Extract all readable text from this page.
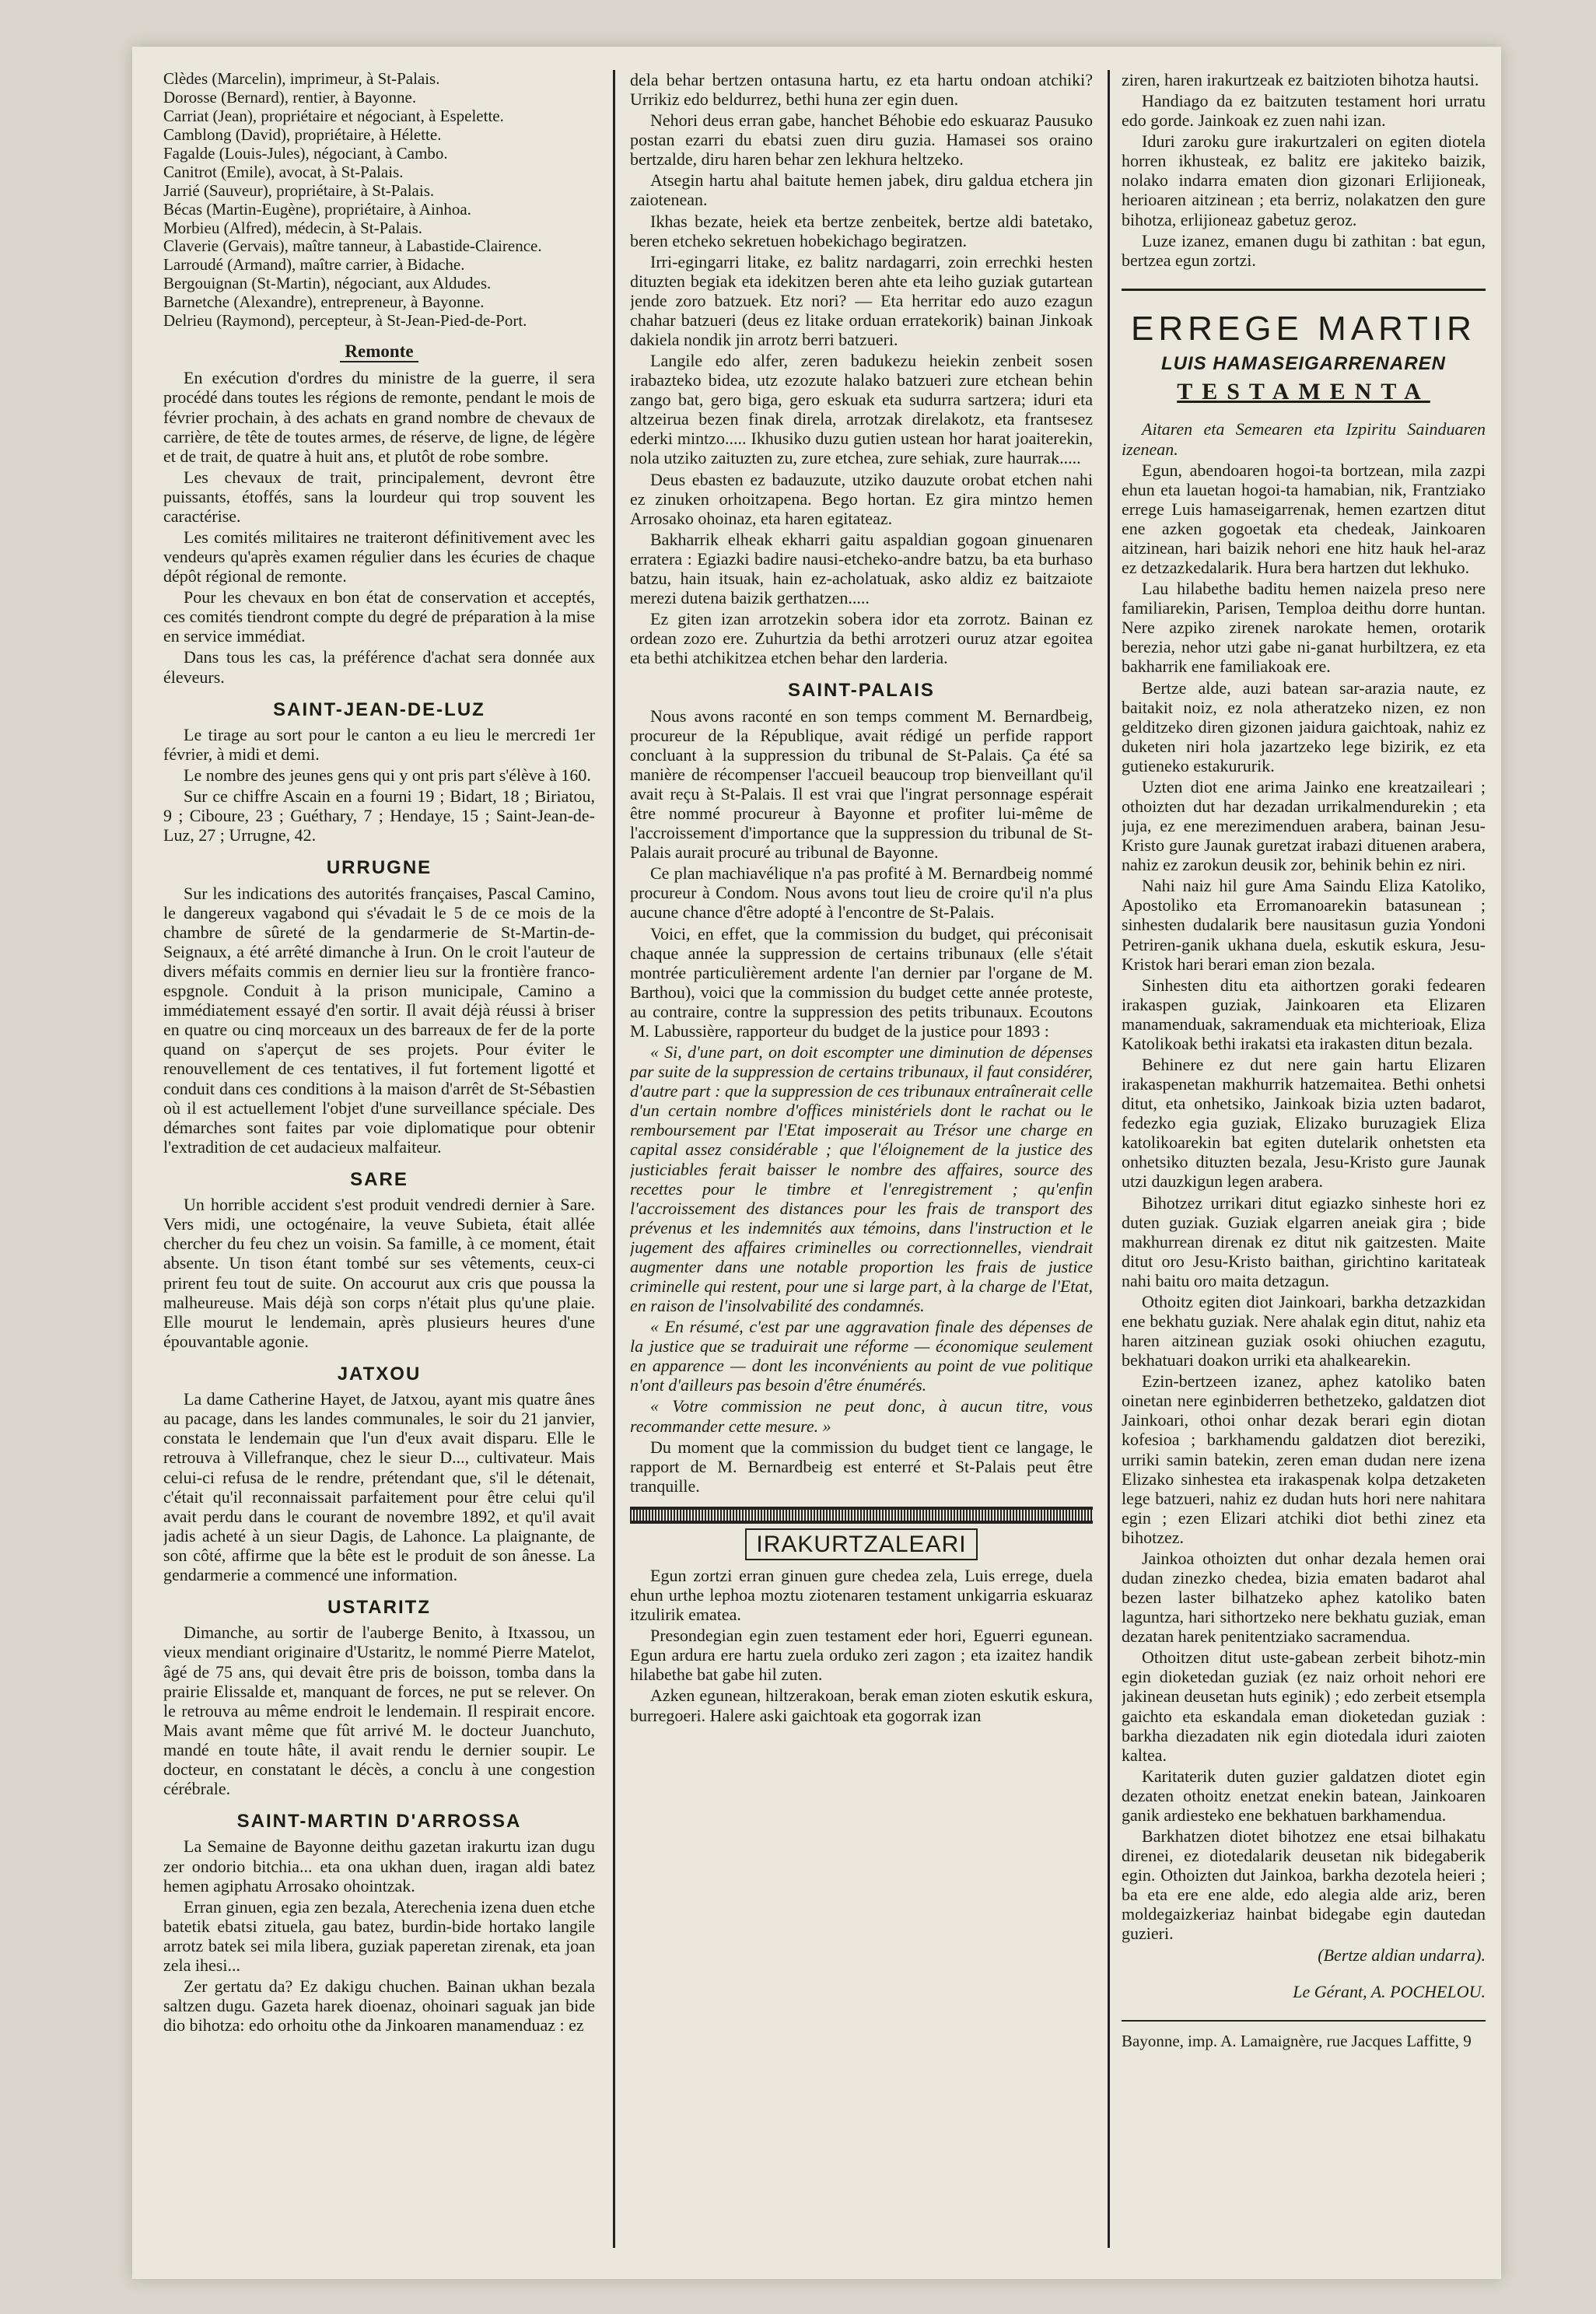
Clèdes (Marcelin), imprimeur, à St-Palais.

Dorosse (Bernard), rentier, à Bayonne.

Carriat (Jean), propriétaire et négociant, à Espelette.

Camblong (David), propriétaire, à Hélette.

Fagalde (Louis-Jules), négociant, à Cambo.

Canitrot (Emile), avocat, à St-Palais.

Jarrié (Sauveur), propriétaire, à St-Palais.

Bécas (Martin-Eugène), propriétaire, à Ainhoa.

Morbieu (Alfred), médecin, à St-Palais.

Claverie (Gervais), maître tanneur, à Labastide-Clairence.

Larroudé (Armand), maître carrier, à Bidache.

Bergouignan (St-Martin), négociant, aux Aldudes.

Barnetche (Alexandre), entrepreneur, à Bayonne.

Delrieu (Raymond), percepteur, à St-Jean-Pied-de-Port.

Remonte

En exécution d'ordres du ministre de la guerre, il sera procédé dans toutes les régions de remonte, pendant le mois de février prochain, à des achats en grand nombre de chevaux de carrière, de tête de toutes armes, de réserve, de ligne, de légère et de trait, de quatre à huit ans, et plutôt de robe sombre.

Les chevaux de trait, principalement, devront être puissants, étoffés, sans la lourdeur qui trop souvent les caractérise.

Les comités militaires ne traiteront définitivement avec les vendeurs qu'après examen régulier dans les écuries de chaque dépôt régional de remonte.

Pour les chevaux en bon état de conservation et acceptés, ces comités tiendront compte du degré de préparation à la mise en service immédiat.

Dans tous les cas, la préférence d'achat sera donnée aux éleveurs.

SAINT-JEAN-DE-LUZ

Le tirage au sort pour le canton a eu lieu le mercredi 1er février, à midi et demi.

Le nombre des jeunes gens qui y ont pris part s'élève à 160.

Sur ce chiffre Ascain en a fourni 19 ; Bidart, 18 ; Biriatou, 9 ; Ciboure, 23 ; Guéthary, 7 ; Hendaye, 15 ; Saint-Jean-de-Luz, 27 ; Urrugne, 42.

URRUGNE

Sur les indications des autorités françaises, Pascal Camino, le dangereux vagabond qui s'évadait le 5 de ce mois de la chambre de sûreté de la gendarmerie de St-Martin-de-Seignaux, a été arrêté dimanche à Irun. On le croit l'auteur de divers méfaits commis en dernier lieu sur la frontière franco-espgnole. Conduit à la prison municipale, Camino a immédiatement essayé d'en sortir. Il avait déjà réussi à briser en quatre ou cinq morceaux un des barreaux de fer de la porte quand on s'aperçut de ses projets. Pour éviter le renouvellement de ces tentatives, il fut fortement ligotté et conduit dans ces conditions à la maison d'arrêt de St-Sébastien où il est actuellement l'objet d'une surveillance spéciale. Des démarches sont faites par voie diplomatique pour obtenir l'extradition de cet audacieux malfaiteur.

SARE

Un horrible accident s'est produit vendredi dernier à Sare. Vers midi, une octogénaire, la veuve Subieta, était allée chercher du feu chez un voisin. Sa famille, à ce moment, était absente. Un tison étant tombé sur ses vêtements, ceux-ci prirent feu tout de suite. On accourut aux cris que poussa la malheureuse. Mais déjà son corps n'était plus qu'une plaie. Elle mourut le lendemain, après plusieurs heures d'une épouvantable agonie.

JATXOU

La dame Catherine Hayet, de Jatxou, ayant mis quatre ânes au pacage, dans les landes communales, le soir du 21 janvier, constata le lendemain que l'un d'eux avait disparu. Elle le retrouva à Villefranque, chez le sieur D..., cultivateur. Mais celui-ci refusa de le rendre, prétendant que, s'il le détenait, c'était qu'il reconnaissait parfaitement pour être celui qu'il avait perdu dans le courant de novembre 1892, et qu'il avait jadis acheté à un sieur Dagis, de Lahonce. La plaignante, de son côté, affirme que la bête est le produit de son ânesse. La gendarmerie a commencé une information.

USTARITZ

Dimanche, au sortir de l'auberge Benito, à Itxassou, un vieux mendiant originaire d'Ustaritz, le nommé Pierre Matelot, âgé de 75 ans, qui devait être pris de boisson, tomba dans la prairie Elissalde et, manquant de forces, ne put se relever. On le retrouva au même endroit le lendemain. Il respirait encore. Mais avant même que fût arrivé M. le docteur Juanchuto, mandé en toute hâte, il avait rendu le dernier soupir. Le docteur, en constatant le décès, a conclu à une congestion cérébrale.

SAINT-MARTIN D'ARROSSA

La Semaine de Bayonne deithu gazetan irakurtu izan dugu zer ondorio bitchia... eta ona ukhan duen, iragan aldi batez hemen agiphatu Arrosako ohointzak.

Erran ginuen, egia zen bezala, Aterechenia izena duen etche batetik ebatsi zituela, gau batez, burdin-bide hortako langile arrotz batek sei mila libera, guziak paperetan zirenak, eta joan zela ihesi...

Zer gertatu da? Ez dakigu chuchen. Bainan ukhan bezala saltzen dugu. Gazeta harek dioenaz, ohoinari saguak jan bide dio bihotza: edo orhoitu othe da Jinkoaren manamenduaz : ez

dela behar bertzen ontasuna hartu, ez eta hartu ondoan atchiki? Urrikiz edo beldurrez, bethi huna zer egin duen.

Nehori deus erran gabe, hanchet Béhobie edo eskuaraz Pausuko postan ezarri du ebatsi zuen diru guzia. Hamasei sos oraino bertzalde, diru haren behar zen lekhura heltzeko.

Atsegin hartu ahal baitute hemen jabek, diru galdua etchera jin zaiotenean.

Ikhas bezate, heiek eta bertze zenbeitek, bertze aldi batetako, beren etcheko sekretuen hobekichago begiratzen.

Irri-egingarri litake, ez balitz nardagarri, zoin errechki hesten dituzten begiak eta idekitzen beren ahte eta leiho guziak gutartean jende zoro batzuek. Etz nori? — Eta herritar edo auzo ezagun chahar batzueri (deus ez litake orduan erratekorik) bainan Jinkoak dakiela nondik jin arrotz berri batzueri.

Langile edo alfer, zeren badukezu heiekin zenbeit sosen irabazteko bidea, utz ezozute halako batzueri zure etchean behin zango bat, gero biga, gero eskuak eta sudurra sartzera; iduri eta altzeirua bezen finak direla, arrotzak direlakotz, eta frantsesez ederki mintzo..... Ikhusiko duzu gutien ustean hor harat joaiterekin, nola utziko zaituzten zu, zure etchea, zure sehiak, zure haurrak.....

Deus ebasten ez badauzute, utziko dauzute orobat etchen nahi ez zinuken orhoitzapena. Bego hortan. Ez gira mintzo hemen Arrosako ohoinaz, eta haren egitateaz.

Bakharrik elheak ekharri gaitu aspaldian gogoan ginuenaren erratera : Egiazki badire nausi-etcheko-andre batzu, ba eta burhaso batzu, hain itsuak, hain ez-acholatuak, asko aldiz ez baitzaiote merezi dutena baizik gerthatzen.....

Ez giten izan arrotzekin sobera idor eta zorrotz. Bainan ez ordean zozo ere. Zuhurtzia da bethi arrotzeri ouruz atzar egoitea eta bethi atchikitzea etchen behar den larderia.

SAINT-PALAIS

Nous avons raconté en son temps comment M. Bernardbeig, procureur de la République, avait rédigé un perfide rapport concluant à la suppression du tribunal de St-Palais. Ça été sa manière de récompenser l'accueil beaucoup trop bienveillant qu'il avait reçu à St-Palais. Il est vrai que l'ingrat personnage espérait être nommé procureur à Bayonne et profiter lui-même de l'accroissement d'importance que la suppression du tribunal de St-Palais aurait procuré au tribunal de Bayonne.

Ce plan machiavélique n'a pas profité à M. Bernardbeig nommé procureur à Condom. Nous avons tout lieu de croire qu'il n'a plus aucune chance d'être adopté à l'encontre de St-Palais.

Voici, en effet, que la commission du budget, qui préconisait chaque année la suppression de certains tribunaux (elle s'était montrée particulièrement ardente l'an dernier par l'organe de M. Barthou), voici que la commission du budget cette année proteste, au contraire, contre la suppression des petits tribunaux. Ecoutons M. Labussière, rapporteur du budget de la justice pour 1893 :

« Si, d'une part, on doit escompter une diminution de dépenses par suite de la suppression de certains tribunaux, il faut considérer, d'autre part : que la suppression de ces tribunaux entraînerait celle d'un certain nombre d'offices ministériels dont le rachat ou le remboursement par l'Etat imposerait au Trésor une charge en capital assez considérable ; que l'éloignement de la justice des justiciables ferait baisser le nombre des affaires, source des recettes pour le timbre et l'enregistrement ; qu'enfin l'accroissement des distances pour les frais de transport des prévenus et les indemnités aux témoins, dans l'instruction et le jugement des affaires criminelles ou correctionnelles, viendrait augmenter dans une notable proportion les frais de justice criminelle qui restent, pour une si large part, à la charge de l'Etat, en raison de l'insolvabilité des condamnés.

« En résumé, c'est par une aggravation finale des dépenses de la justice que se traduirait une réforme — économique seulement en apparence — dont les inconvénients au point de vue politique n'ont d'ailleurs pas besoin d'être énumérés.

« Votre commission ne peut donc, à aucun titre, vous recommander cette mesure. »

Du moment que la commission du budget tient ce langage, le rapport de M. Bernardbeig est enterré et St-Palais peut être tranquille.

IRAKURTZALEARI

Egun zortzi erran ginuen gure chedea zela, Luis errege, duela ehun urthe lephoa moztu ziotenaren testament unkigarria eskuaraz itzulirik ematea.

Presondegian egin zuen testament eder hori, Eguerri egunean. Egun ardura ere hartu zuela orduko zeri zagon ; eta izaitez handik hilabethe bat gabe hil zuten.

Azken egunean, hiltzerakoan, berak eman zioten eskutik eskura, burregoeri. Halere aski gaichtoak eta gogorrak izan

ziren, haren irakurtzeak ez baitzioten bihotza hautsi.

Handiago da ez baitzuten testament hori urratu edo gorde. Jainkoak ez zuen nahi izan.

Iduri zaroku gure irakurtzaleri on egiten diotela horren ikhusteak, ez balitz ere jakiteko baizik, nolako indarra ematen dion gizonari Erlijioneak, herioaren aitzinean ; eta berriz, nolakatzen den gure bihotza, erlijioneaz gabetuz geroz.

Luze izanez, emanen dugu bi zathitan : bat egun, bertzea egun zortzi.

ERREGE MARTIR
LUIS HAMASEIGARRENAREN
TESTAMENTA

Aitaren eta Semearen eta Izpiritu Sainduaren izenean.

Egun, abendoaren hogoi-ta bortzean, mila zazpi ehun eta lauetan hogoi-ta hamabian, nik, Frantziako errege Luis hamaseigarrenak, hemen ezartzen ditut ene azken gogoetak eta chedeak, Jainkoaren aitzinean, hari baizik nehori ene hitz hauk hel-araz ez detzazkedalarik. Hura bera hartzen dut lekhuko.

Lau hilabethe baditu hemen naizela preso nere familiarekin, Parisen, Temploa deithu dorre huntan. Nere azpiko zirenek narokate hemen, orotarik berezia, nehor utzi gabe ni-ganat hurbiltzera, ez eta bakharrik ene familiakoak ere.

Bertze alde, auzi batean sar-arazia naute, ez baitakit noiz, ez nola atheratzeko nizen, ez non gelditzeko diren gizonen jaidura gaichtoak, nahiz ez duketen niri hola jazartzeko lege bizirik, ez eta gutieneko estakururik.

Uzten diot ene arima Jainko ene kreatzaileari ; othoizten dut har dezadan urrikalmendurekin ; eta juja, ez ene merezimenduen arabera, bainan Jesu-Kristo gure Jaunak guretzat irabazi dituenen arabera, nahiz ez zarokun deusik zor, behinik behin ez niri.

Nahi naiz hil gure Ama Saindu Eliza Katoliko, Apostoliko eta Erromanoarekin batasunean ; sinhesten dudalarik bere nausitasun guzia Yondoni Petriren-ganik ukhana duela, eskutik eskura, Jesu-Kristok hari berari eman zion bezala.

Sinhesten ditu eta aithortzen goraki fedearen irakaspen guziak, Jainkoaren eta Elizaren manamenduak, sakramenduak eta michterioak, Eliza Katolikoak bethi irakatsi eta irakasten ditun bezala.

Behinere ez dut nere gain hartu Elizaren irakaspenetan makhurrik hatzemaitea. Bethi onhetsi ditut, eta onhetsiko, Jainkoak bizia uzten badarot, fedezko egia guziak, Elizako buruzagiek Eliza katolikoarekin bat egiten dutelarik onhetsten eta onhetsiko dituzten bezala, Jesu-Kristo gure Jaunak utzi dauzkigun legen arabera.

Bihotzez urrikari ditut egiazko sinheste hori ez duten guziak. Guziak elgarren aneiak gira ; bide makhurrean direnak ez ditut nik gaitzesten. Maite ditut oro Jesu-Kristo baithan, girichtino karitateak nahi baitu oro maita detzagun.

Othoitz egiten diot Jainkoari, barkha detzazkidan ene bekhatu guziak. Nere ahalak egin ditut, nahiz eta haren aitzinean guziak osoki ohiuchen ezagutu, bekhatuari doakon urriki eta ahalkearekin.

Ezin-bertzeen izanez, aphez katoliko baten oinetan nere eginbiderren bethetzeko, galdatzen diot Jainkoari, othoi onhar dezak berari egin diotan kofesioa ; barkhamendu galdatzen diot bereziki, urriki samin batekin, zeren eman dudan nere izena Elizako sinhestea eta irakaspenak kolpa detzaketen lege batzueri, nahiz ez dudan huts hori nere nahitara egin ; ezen Elizari atchiki diot bethi zinez eta bihotzez.

Jainkoa othoizten dut onhar dezala hemen orai dudan zinezko chedea, bizia ematen badarot ahal bezen laster bilhatzeko aphez katoliko baten laguntza, hari sithortzeko nere bekhatu guziak, eman dezatan harek penitentziako sacramendua.

Othoitzen ditut uste-gabean zerbeit bihotz-min egin dioketedan guziak (ez naiz orhoit nehori ere jakinean deusetan huts eginik) ; edo zerbeit etsempla gaichto eta eskandala eman dioketedan guziak : barkha diezadaten nik egin diotedala iduri zaioten kaltea.

Karitaterik duten guzier galdatzen diotet egin dezaten othoitz enetzat enekin batean, Jainkoaren ganik ardiesteko ene bekhatuen barkhamendua.

Barkhatzen diotet bihotzez ene etsai bilhakatu direnei, ez diotedalarik deusetan nik bidegaberik egin. Othoizten dut Jainkoa, barkha dezotela heieri ; ba eta ere ene alde, edo alegia alde ariz, beren moldegaizkeriaz hainbat bidegabe egin dautedan guzieri.

(Bertze aldian undarra).

Le Gérant, A. POCHELOU.

Bayonne, imp. A. Lamaignère, rue Jacques Laffitte, 9
